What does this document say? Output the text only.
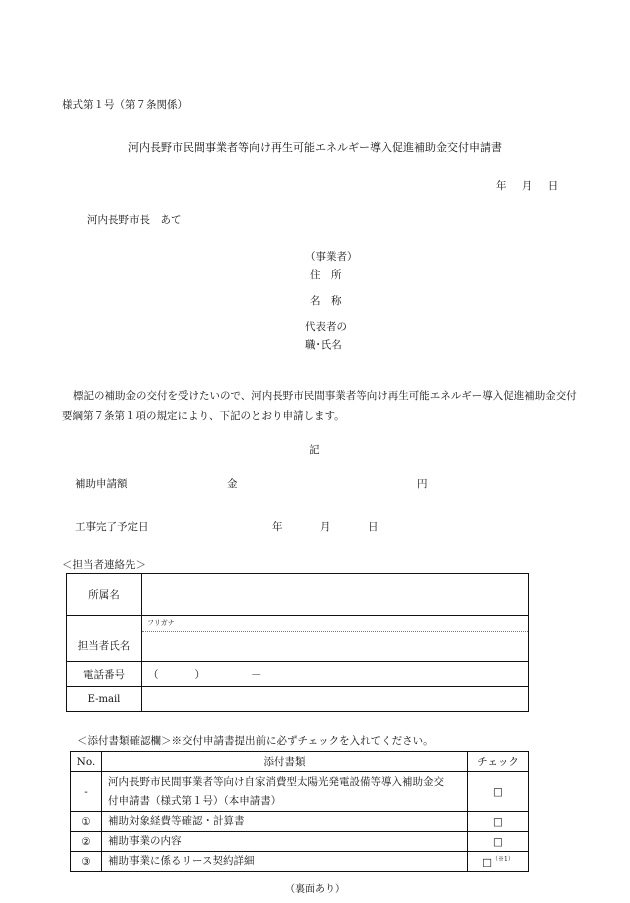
様式第１号（第７条関係）
河内長野市民間事業者等向け再生可能エネルギー導入促進補助金交付申請書
年 月 日
河内長野市長　あて
（事業者）
住　所
名　称
代表者の
職･氏名
標記の補助金の交付を受けたいので、河内長野市民間事業者等向け再生可能エネルギー導入促進補助金交付要綱第７条第１項の規定により、下記のとおり申請します。
記
補助申請額	金	円
工事完了予定日	年	月	日
＜担当者連絡先＞
所属名	
担当者氏名	フリガナ

電話番号	（ ） －
E-mail	
＜添付書類確認欄＞※交付申請書提出前に必ずチェックを入れてください。
No.	添付書類	チェック
-	河内長野市民間事業者等向け自家消費型太陽光発電設備等導入補助金交
付申請書（様式第１号）（本申請書）	□
①	補助対象経費等確認・計算書	□
②	補助事業の内容	□
③	補助事業に係るリース契約詳細	□$^{(※1)}$
（裏面あり）
